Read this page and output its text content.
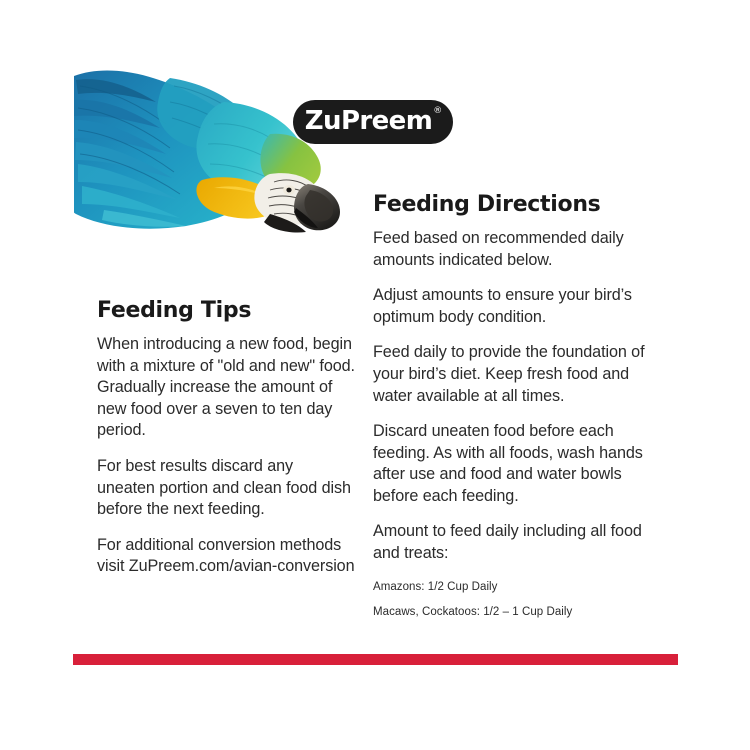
ZuPreem ®
Feeding Tips

When introducing a new food, begin with a mixture of "old and new" food. Gradually increase the amount of new food over a seven to ten day period.

For best results discard any uneaten portion and clean food dish before the next feeding.

For additional conversion methods visit ZuPreem.com/avian-conversion

Feeding Directions

Feed based on recommended daily amounts indicated below.

Adjust amounts to ensure your bird’s optimum body condition.

Feed daily to provide the foundation of your bird’s diet. Keep fresh food and water available at all times.

Discard uneaten food before each feeding. As with all foods, wash hands after use and food and water bowls before each feeding.

Amount to feed daily including all food and treats:

Amazons: 1/2 Cup Daily

Macaws, Cockatoos: 1/2 – 1 Cup Daily
